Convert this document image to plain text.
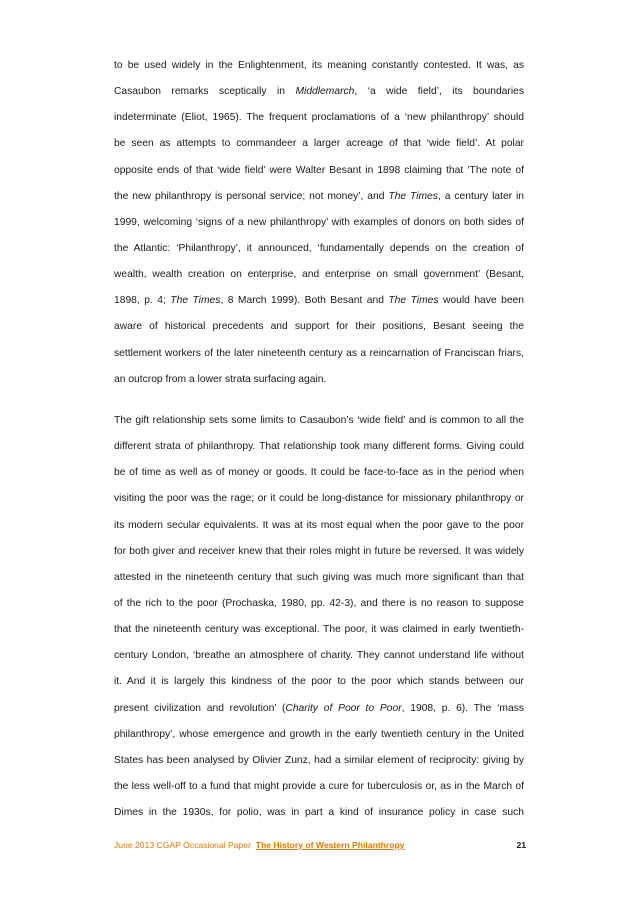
to be used widely in the Enlightenment, its meaning constantly contested. It was, as
Casaubon remarks sceptically in Middlemarch, ‘a wide field’, its boundaries
indeterminate (Eliot, 1965). The frequent proclamations of a ‘new philanthropy’ should
be seen as attempts to commandeer a larger acreage of that ‘wide field’. At polar
opposite ends of that ‘wide field’ were Walter Besant in 1898 claiming that ‘The note of
the new philanthropy is personal service; not money’, and The Times, a century later in
1999, welcoming ‘signs of a new philanthropy’ with examples of donors on both sides of
the Atlantic: ‘Philanthropy’, it announced, ‘fundamentally depends on the creation of
wealth, wealth creation on enterprise, and enterprise on small government’ (Besant,
1898, p. 4; The Times, 8 March 1999). Both Besant and The Times would have been
aware of historical precedents and support for their positions, Besant seeing the
settlement workers of the later nineteenth century as a reincarnation of Franciscan friars,
an outcrop from a lower strata surfacing again.
The gift relationship sets some limits to Casaubon’s ‘wide field’ and is common to all the
different strata of philanthropy. That relationship took many different forms. Giving could
be of time as well as of money or goods. It could be face-to-face as in the period when
visiting the poor was the rage; or it could be long-distance for missionary philanthropy or
its modern secular equivalents. It was at its most equal when the poor gave to the poor
for both giver and receiver knew that their roles might in future be reversed. It was widely
attested in the nineteenth century that such giving was much more significant than that
of the rich to the poor (Prochaska, 1980, pp. 42-3), and there is no reason to suppose
that the nineteenth century was exceptional. The poor, it was claimed in early twentieth-
century London, ‘breathe an atmosphere of charity. They cannot understand life without
it. And it is largely this kindness of the poor to the poor which stands between our
present civilization and revolution’ (Charity of Poor to Poor, 1908, p. 6). The ‘mass
philanthropy’, whose emergence and growth in the early twentieth century in the United
States has been analysed by Olivier Zunz, had a similar element of reciprocity: giving by
the less well-off to a fund that might provide a cure for tuberculosis or, as in the March of
Dimes in the 1930s, for polio, was in part a kind of insurance policy in case such
June 2013 CGAP Occasional Paper The History of Western Philanthropy	21
